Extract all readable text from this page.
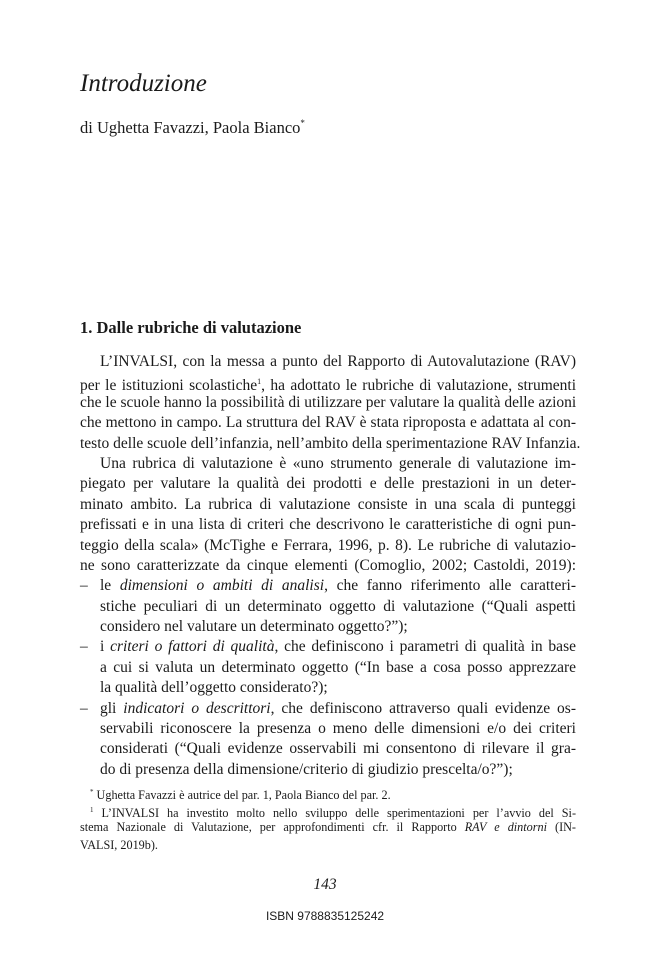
Introduzione
di Ughetta Favazzi, Paola Bianco*
1. Dalle rubriche di valutazione
L’INVALSI, con la messa a punto del Rapporto di Autovalutazione (RAV)
per le istituzioni scolastiche$^1$, ha adottato le rubriche di valutazione, strumenti
che le scuole hanno la possibilità di utilizzare per valutare la qualità delle azioni
che mettono in campo. La struttura del RAV è stata riproposta e adattata al con-
testo delle scuole dell’infanzia, nell’ambito della sperimentazione RAV Infanzia.
Una rubrica di valutazione è «uno strumento generale di valutazione im-
piegato per valutare la qualità dei prodotti e delle prestazioni in un deter-
minato ambito. La rubrica di valutazione consiste in una scala di punteggi
prefissati e in una lista di criteri che descrivono le caratteristiche di ogni pun-
teggio della scala» (McTighe e Ferrara, 1996, p. 8). Le rubriche di valutazio-
ne sono caratterizzate da cinque elementi (Comoglio, 2002; Castoldi, 2019):
– le dimensioni o ambiti di analisi, che fanno riferimento alle caratteri-
stiche peculiari di un determinato oggetto di valutazione (“Quali aspetti
considero nel valutare un determinato oggetto?”);
– i criteri o fattori di qualità, che definiscono i parametri di qualità in base
a cui si valuta un determinato oggetto (“In base a cosa posso apprezzare
la qualità dell’oggetto considerato?);
– gli indicatori o descrittori, che definiscono attraverso quali evidenze os-
servabili riconoscere la presenza o meno delle dimensioni e/o dei criteri
considerati (“Quali evidenze osservabili mi consentono di rilevare il gra-
do di presenza della dimensione/criterio di giudizio prescelta/o?”);
* Ughetta Favazzi è autrice del par. 1, Paola Bianco del par. 2.
$^1$ L’INVALSI ha investito molto nello sviluppo delle sperimentazioni per l’avvio del Si-
stema Nazionale di Valutazione, per approfondimenti cfr. il Rapporto RAV e dintorni (IN-
VALSI, 2019b).
143
ISBN 9788835125242
